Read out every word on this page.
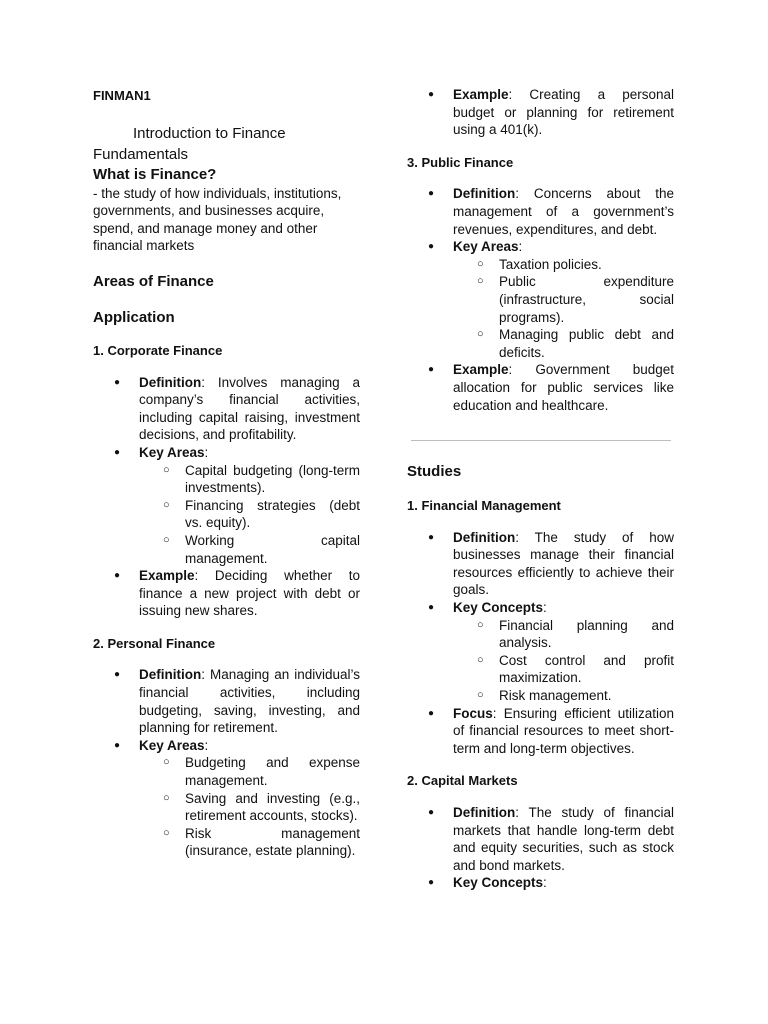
FINMAN1

Introduction to Finance Fundamentals

What is Finance?

- the study of how individuals, institutions, governments, and businesses acquire, spend, and manage money and other financial markets

Areas of Finance

Application

1. Corporate Finance

● Definition: Involves managing a company’s financial activities, including capital raising, investment decisions, and profitability.
● Key Areas:
○ Capital budgeting (long-term investments).
○ Financing strategies (debt vs. equity).
○ Working capital management.
● Example: Deciding whether to finance a new project with debt or issuing new shares.

2. Personal Finance

● Definition: Managing an individual’s financial activities, including budgeting, saving, investing, and planning for retirement.
● Key Areas:
○ Budgeting and expense management.
○ Saving and investing (e.g., retirement accounts, stocks).
○ Risk management (insurance, estate planning).
● Example: Creating a personal budget or planning for retirement using a 401(k).

3. Public Finance

● Definition: Concerns about the management of a government’s revenues, expenditures, and debt.
● Key Areas:
○ Taxation policies.
○ Public expenditure (infrastructure, social programs).
○ Managing public debt and deficits.
● Example: Government budget allocation for public services like education and healthcare.

Studies

1. Financial Management

● Definition: The study of how businesses manage their financial resources efficiently to achieve their goals.
● Key Concepts:
○ Financial planning and analysis.
○ Cost control and profit maximization.
○ Risk management.
● Focus: Ensuring efficient utilization of financial resources to meet short-term and long-term objectives.

2. Capital Markets

● Definition: The study of financial markets that handle long-term debt and equity securities, such as stock and bond markets.
● Key Concepts:
